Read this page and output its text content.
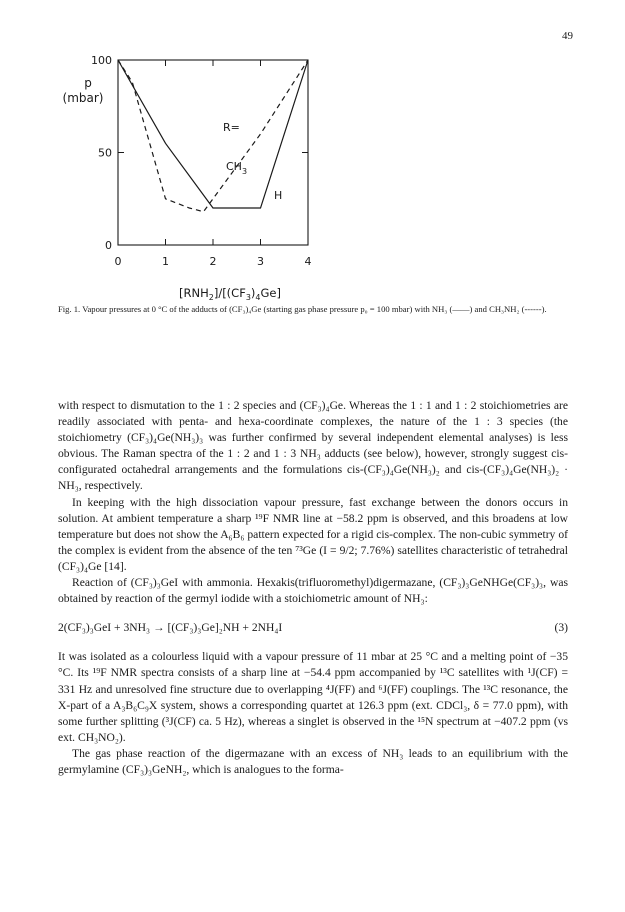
49
0	1	2	3	4
0
50
100
p
(mbar)
R=
$CH_3$
H
$[RNH_2]/[(CF_3)_4Ge]$
Fig. 1. Vapour pressures at 0 °C of the adducts of (CF₃)₄Ge (starting gas phase pressure p₀ = 100 mbar) with NH₃ (——) and CH₃NH₂ (------).

with respect to dismutation to the 1 : 2 species and (CF₃)₄Ge. Whereas the 1 : 1 and 1 : 2 stoichiometries are readily associated with penta- and hexa-coordinate complexes, the nature of the 1 : 3 species (the stoichiometry (CF₃)₄Ge(NH₃)₃ was further confirmed by several independent elemental analyses) is less obvious. The Raman spectra of the 1 : 2 and 1 : 3 NH₃ adducts (see below), however, strongly suggest cis-configurated octahedral arrangements and the formulations cis-(CF₃)₄Ge(NH₃)₂ and cis-(CF₃)₄Ge(NH₃)₂ · NH₃, respectively.

In keeping with the high dissociation vapour pressure, fast exchange between the donors occurs in solution. At ambient temperature a sharp ¹⁹F NMR line at −58.2 ppm is observed, and this broadens at low temperature but does not show the A₆B₆ pattern expected for a rigid cis-complex. The non-cubic symmetry of the complex is evident from the absence of the ten ⁷³Ge (I = 9/2; 7.76%) satellites characteristic of tetrahedral (CF₃)₄Ge [14].

Reaction of (CF₃)₃GeI with ammonia. Hexakis(trifluoromethyl)digermazane, (CF₃)₃GeNHGe(CF₃)₃, was obtained by reaction of the germyl iodide with a stoichiometric amount of NH₃:

2(CF₃)₃GeI + 3NH₃ → [(CF₃)₃Ge]₂NH + 2NH₄I	(3)

It was isolated as a colourless liquid with a vapour pressure of 11 mbar at 25 °C and a melting point of −35 °C. Its ¹⁹F NMR spectra consists of a sharp line at −54.4 ppm accompanied by ¹³C satellites with ¹J(CF) = 331 Hz and unresolved fine structure due to overlapping ⁴J(FF) and ⁶J(FF) couplings. The ¹³C resonance, the X-part of a A₃B₆C₉X system, shows a corresponding quartet at 126.3 ppm (ext. CDCl₃, δ = 77.0 ppm), with some further splitting (³J(CF) ca. 5 Hz), whereas a singlet is observed in the ¹⁵N spectrum at −407.2 ppm (vs ext. CH₃NO₂).

The gas phase reaction of the digermazane with an excess of NH₃ leads to an equilibrium with the germylamine (CF₃)₃GeNH₂, which is analogues to the forma-
